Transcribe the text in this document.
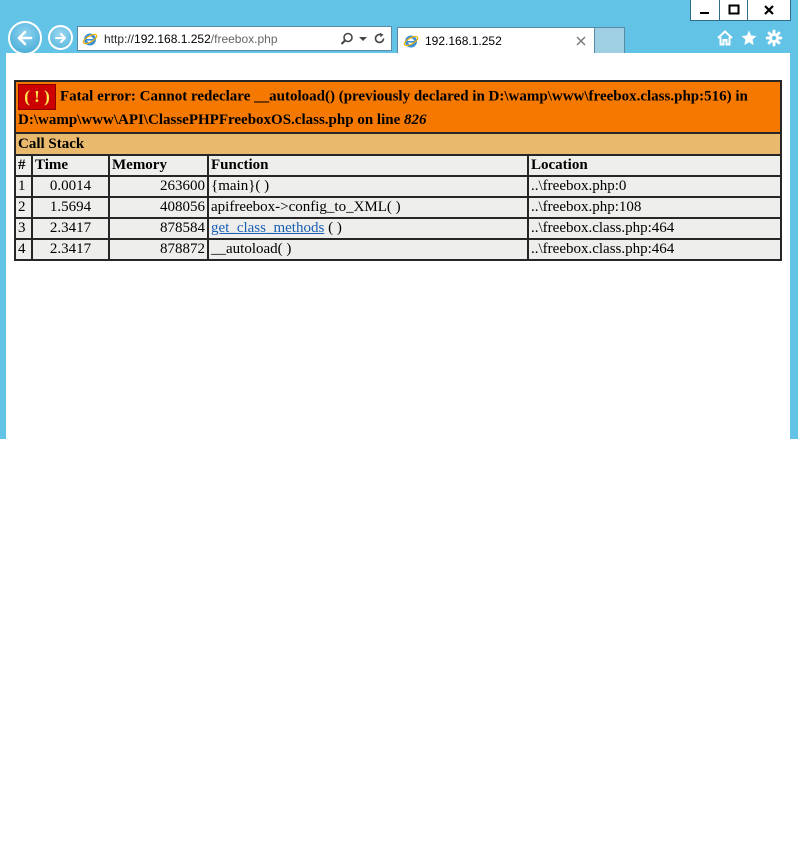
http://192.168.1.252/freebox.php	192.168.1.252
( ! ) Fatal error: Cannot redeclare __autoload() (previously declared in D:\wamp\www\freebox.class.php:516) in D:\wamp\www\API\ClassePHPFreeboxOS.class.php on line 826				
Call Stack				
#	Time	Memory	Function	Location
1	0.0014	263600	{main}( )	..\freebox.php:0
2	1.5694	408056	apifreebox->config_to_XML( )	..\freebox.php:108
3	2.3417	878584	get_class_methods ( )	..\freebox.class.php:464
4	2.3417	878872	__autoload( )	..\freebox.class.php:464
